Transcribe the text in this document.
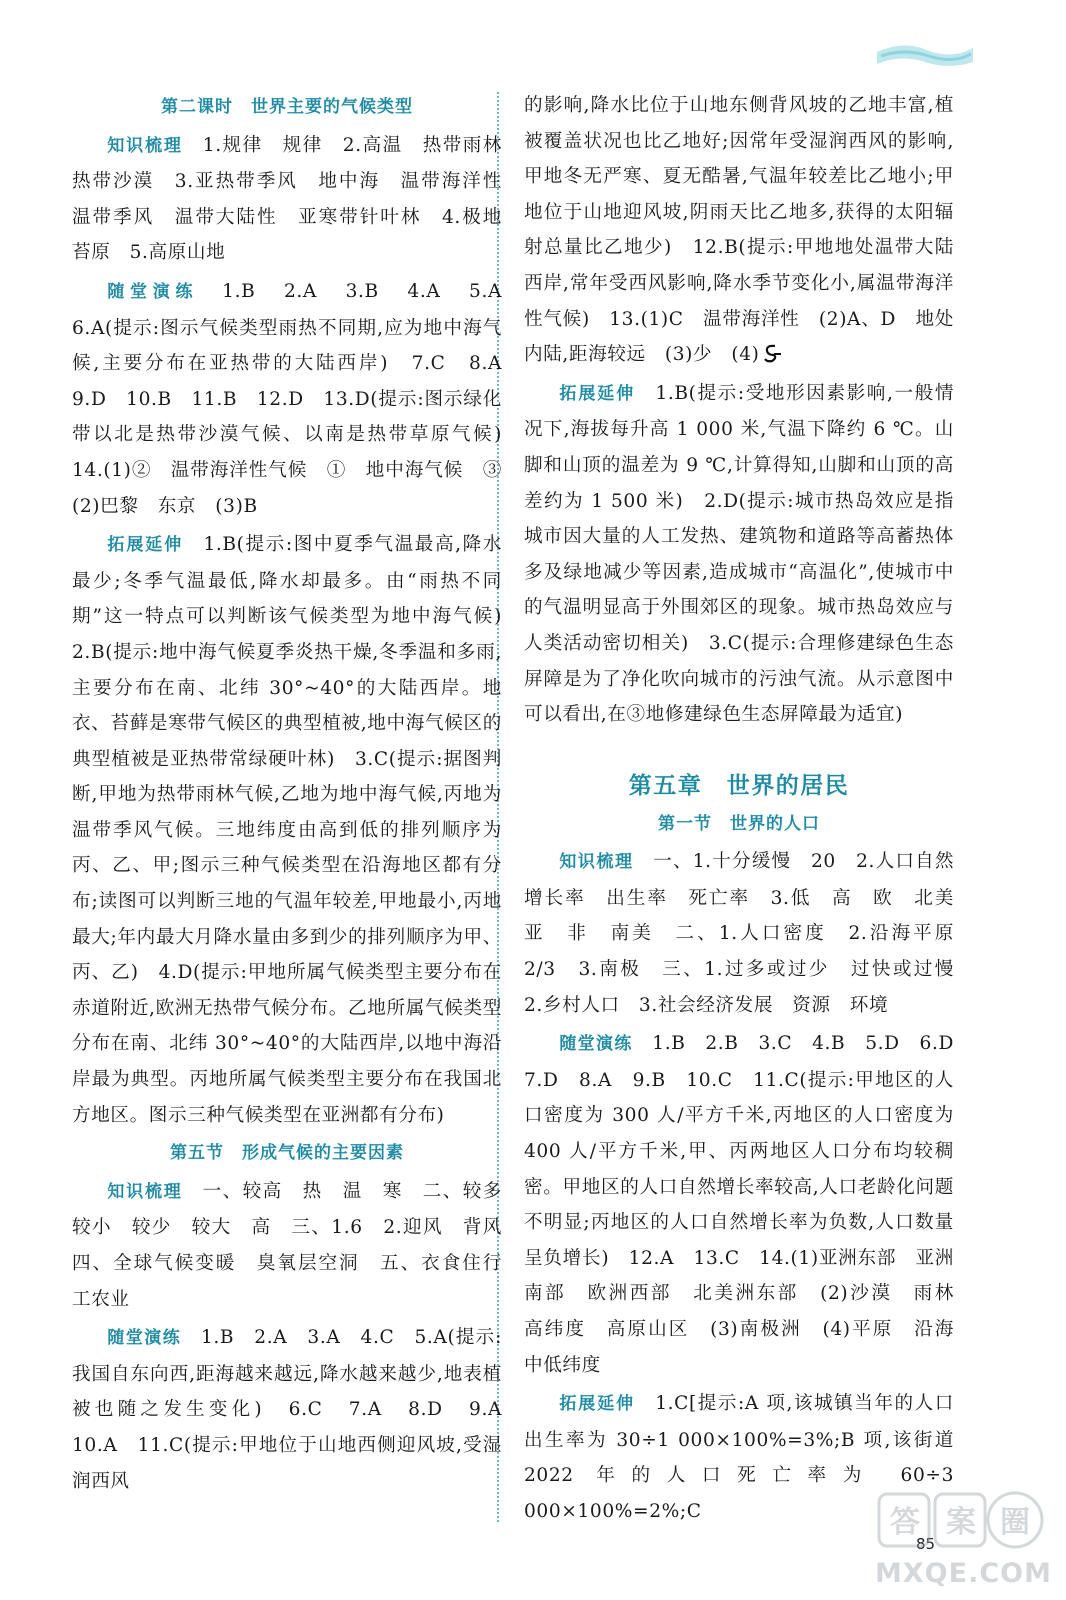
第二课时　世界主要的气候类型

知识梳理　1.规律　规律　2.高温　热带雨林　热带沙漠　3.亚热带季风　地中海　温带海洋性　温带季风　温带大陆性　亚寒带针叶林　4.极地　苔原　5.高原山地

随堂演练　1.B　2.A　3.B　4.A　5.A　6.A(提示:图示气候类型雨热不同期,应为地中海气候,主要分布在亚热带的大陆西岸)　7.C　8.A　9.D　10.B　11.B　12.D　13.D(提示:图示绿化带以北是热带沙漠气候、以南是热带草原气候)　14.(1)②　温带海洋性气候　①　地中海气候　③　(2)巴黎　东京　(3)B

拓展延伸　1.B(提示:图中夏季气温最高,降水最少;冬季气温最低,降水却最多。由“雨热不同期”这一特点可以判断该气候类型为地中海气候)　2.B(提示:地中海气候夏季炎热干燥,冬季温和多雨,主要分布在南、北纬 30°~40°的大陆西岸。地衣、苔藓是寒带气候区的典型植被,地中海气候区的典型植被是亚热带常绿硬叶林)　3.C(提示:据图判断,甲地为热带雨林气候,乙地为地中海气候,丙地为温带季风气候。三地纬度由高到低的排列顺序为丙、乙、甲;图示三种气候类型在沿海地区都有分布;读图可以判断三地的气温年较差,甲地最小,丙地最大;年内最大月降水量由多到少的排列顺序为甲、丙、乙)　4.D(提示:甲地所属气候类型主要分布在赤道附近,欧洲无热带气候分布。乙地所属气候类型分布在南、北纬 30°~40°的大陆西岸,以地中海沿岸最为典型。丙地所属气候类型主要分布在我国北方地区。图示三种气候类型在亚洲都有分布)

第五节　形成气候的主要因素

知识梳理　一、较高　热　温　寒　二、较多　较小　较少　较大　高　三、1.6　2.迎风　背风　四、全球气候变暖　臭氧层空洞　五、衣食住行　工农业

随堂演练　1.B　2.A　3.A　4.C　5.A(提示:我国自东向西,距海越来越远,降水越来越少,地表植被也随之发生变化)　6.C　7.A　8.D　9.A　10.A　11.C(提示:甲地位于山地西侧迎风坡,受湿润西风

的影响,降水比位于山地东侧背风坡的乙地丰富,植被覆盖状况也比乙地好;因常年受湿润西风的影响,甲地冬无严寒、夏无酷暑,气温年较差比乙地小;甲地位于山地迎风坡,阴雨天比乙地多,获得的太阳辐射总量比乙地少)　12.B(提示:甲地地处温带大陆西岸,常年受西风影响,降水季节变化小,属温带海洋性气候)　13.(1)C　温带海洋性　(2)A、D　地处内陆,距海较远　(3)少　(4)

拓展延伸　1.B(提示:受地形因素影响,一般情况下,海拔每升高 1 000 米,气温下降约 6 ℃。山脚和山顶的温差为 9 ℃,计算得知,山脚和山顶的高差约为 1 500 米)　2.D(提示:城市热岛效应是指城市因大量的人工发热、建筑物和道路等高蓄热体多及绿地减少等因素,造成城市“高温化”,使城市中的气温明显高于外围郊区的现象。城市热岛效应与人类活动密切相关)　3.C(提示:合理修建绿色生态屏障是为了净化吹向城市的污浊气流。从示意图中可以看出,在③地修建绿色生态屏障最为适宜)

第五章　世界的居民
第一节　世界的人口

知识梳理　一、1.十分缓慢　20　2.人口自然增长率　出生率　死亡率　3.低　高　欧　北美　亚　非　南美　二、1.人口密度　2.沿海平原　2/3　3.南极　三、1.过多或过少　过快或过慢　2.乡村人口　3.社会经济发展　资源　环境

随堂演练　1.B　2.B　3.C　4.B　5.D　6.D　7.D　8.A　9.B　10.C　11.C(提示:甲地区的人口密度为 300 人/平方千米,丙地区的人口密度为 400 人/平方千米,甲、丙两地区人口分布均较稠密。甲地区的人口自然增长率较高,人口老龄化问题不明显;丙地区的人口自然增长率为负数,人口数量呈负增长)　12.A　13.C　14.(1)亚洲东部　亚洲南部　欧洲西部　北美洲东部　(2)沙漠　雨林　高纬度　高原山区　(3)南极洲　(4)平原　沿海　中低纬度

拓展延伸　1.C[提示:A 项,该城镇当年的人口出生率为 30÷1 000×100%=3%;B 项,该街道 2022 年的人口死亡率为 60÷3 000×100%=2%;C

85
答 案 圈
MXQE.COM
